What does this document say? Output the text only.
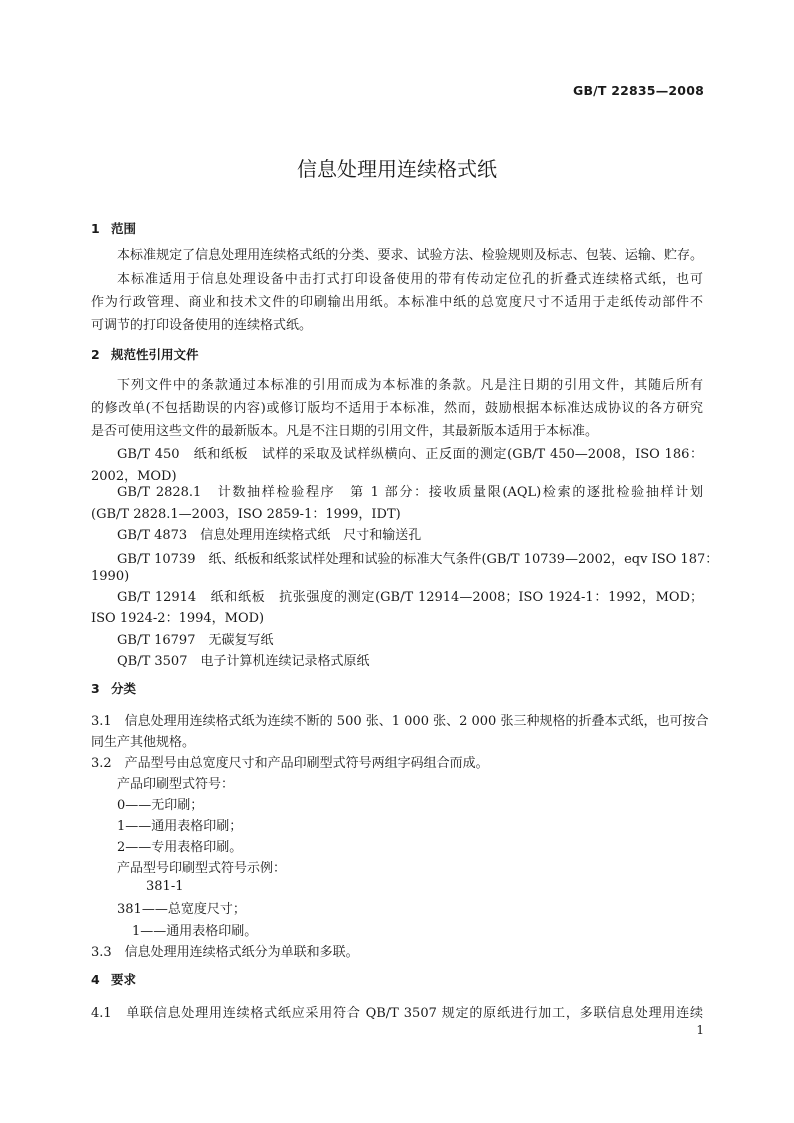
GB/T 22835—2008
信息处理用连续格式纸
1 范围
本标准规定了信息处理用连续格式纸的分类、要求、试验方法、检验规则及标志、包装、运输、贮存。
本标准适用于信息处理设备中击打式打印设备使用的带有传动定位孔的折叠式连续格式纸，也可
作为行政管理、商业和技术文件的印刷输出用纸。本标准中纸的总宽度尺寸不适用于走纸传动部件不
可调节的打印设备使用的连续格式纸。
2 规范性引用文件
下列文件中的条款通过本标准的引用而成为本标准的条款。凡是注日期的引用文件，其随后所有
的修改单(不包括勘误的内容)或修订版均不适用于本标准，然而，鼓励根据本标准达成协议的各方研究
是否可使用这些文件的最新版本。凡是不注日期的引用文件，其最新版本适用于本标准。
GB/T 450　纸和纸板　试样的采取及试样纵横向、正反面的测定(GB/T 450—2008，ISO 186：
2002，MOD)
GB/T 2828.1　计数抽样检验程序　第 1 部分：接收质量限(AQL)检索的逐批检验抽样计划
(GB/T 2828.1—2003，ISO 2859-1：1999，IDT)
GB/T 4873　信息处理用连续格式纸　尺寸和输送孔
GB/T 10739　纸、纸板和纸浆试样处理和试验的标准大气条件(GB/T 10739—2002，eqv ISO 187：
1990)
GB/T 12914　纸和纸板　抗张强度的测定(GB/T 12914—2008；ISO 1924-1：1992，MOD；
ISO 1924-2：1994，MOD)
GB/T 16797　无碳复写纸
QB/T 3507　电子计算机连续记录格式原纸
3 分类
3.1　信息处理用连续格式纸为连续不断的 500 张、1 000 张、2 000 张三种规格的折叠本式纸，也可按合
同生产其他规格。
3.2　产品型号由总宽度尺寸和产品印刷型式符号两组字码组合而成。
产品印刷型式符号：
0——无印刷；
1——通用表格印刷；
2——专用表格印刷。
产品型号印刷型式符号示例：
381-1
381——总宽度尺寸；
1——通用表格印刷。
3.3　信息处理用连续格式纸分为单联和多联。
4 要求
4.1　单联信息处理用连续格式纸应采用符合 QB/T 3507 规定的原纸进行加工，多联信息处理用连续
1
